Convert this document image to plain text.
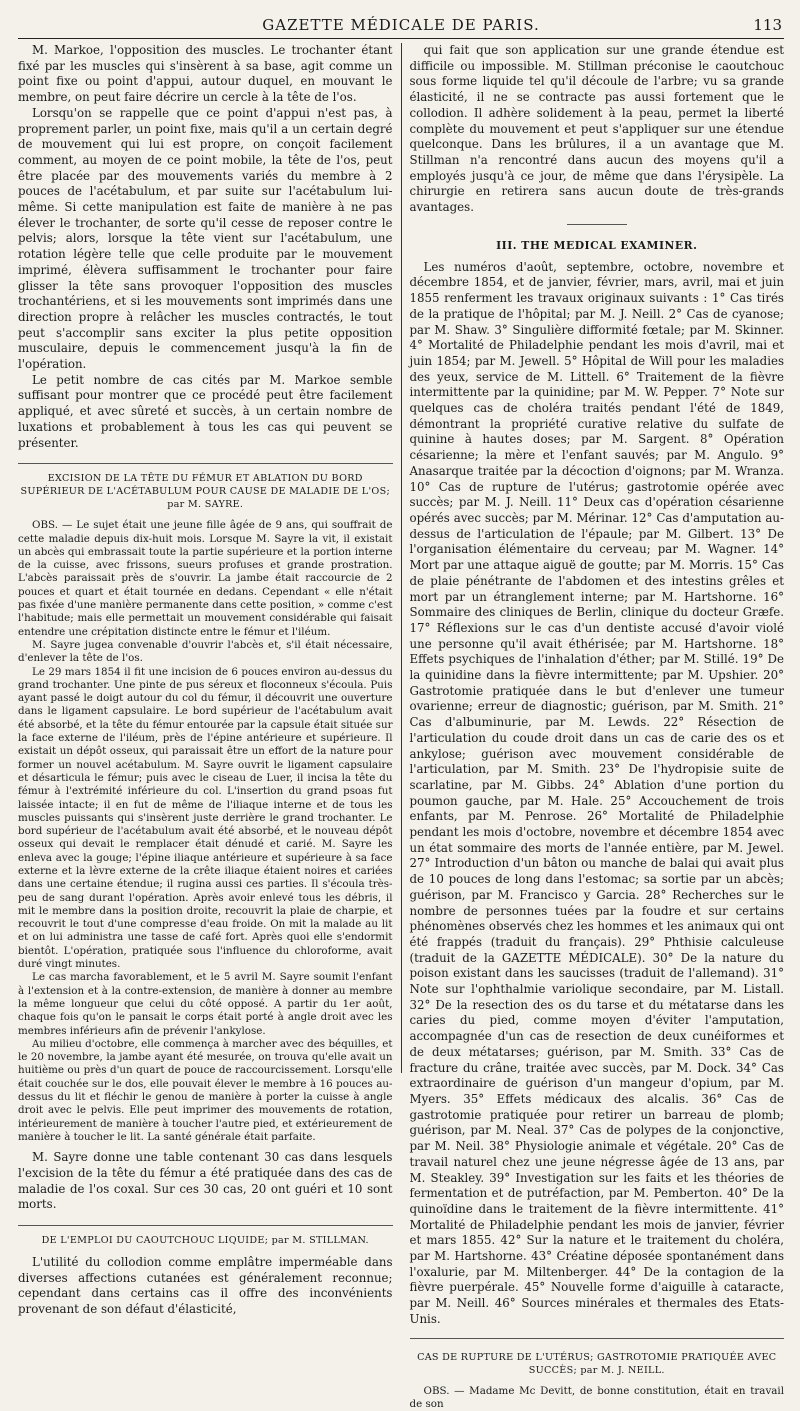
GAZETTE MÉDICALE DE PARIS.	113

M. Markoe, l'opposition des muscles. Le trochanter étant fixé par les muscles qui s'insèrent à sa base, agit comme un point fixe ou point d'appui, autour duquel, en mouvant le membre, on peut faire décrire un cercle à la tête de l'os.

Lorsqu'on se rappelle que ce point d'appui n'est pas, à proprement parler, un point fixe, mais qu'il a un certain degré de mouvement qui lui est propre, on conçoit facilement comment, au moyen de ce point mobile, la tête de l'os, peut être placée par des mouvements variés du membre à 2 pouces de l'acétabulum, et par suite sur l'acétabulum lui-même. Si cette manipulation est faite de manière à ne pas élever le trochanter, de sorte qu'il cesse de reposer contre le pelvis; alors, lorsque la tête vient sur l'acétabulum, une rotation légère telle que celle produite par le mouvement imprimé, élèvera suffisamment le trochanter pour faire glisser la tête sans provoquer l'opposition des muscles trochantériens, et si les mouvements sont imprimés dans une direction propre à relâcher les muscles contractés, le tout peut s'accomplir sans exciter la plus petite opposition musculaire, depuis le commencement jusqu'à la fin de l'opération.

Le petit nombre de cas cités par M. Markoe semble suffisant pour montrer que ce procédé peut être facilement appliqué, et avec sûreté et succès, à un certain nombre de luxations et probablement à tous les cas qui peuvent se présenter.

EXCISION DE LA TÊTE DU FÉMUR ET ABLATION DU BORD SUPÉRIEUR DE L'ACÉTABULUM POUR CAUSE DE MALADIE DE L'OS; par M. SAYRE.

OBS. — Le sujet était une jeune fille âgée de 9 ans, qui souffrait de cette maladie depuis dix-huit mois. Lorsque M. Sayre la vit, il existait un abcès qui embrassait toute la partie supérieure et la portion interne de la cuisse, avec frissons, sueurs profuses et grande prostration. L'abcès paraissait près de s'ouvrir. La jambe était raccourcie de 2 pouces et quart et était tournée en dedans. Cependant « elle n'était pas fixée d'une manière permanente dans cette position, » comme c'est l'habitude; mais elle permettait un mouvement considérable qui faisait entendre une crépitation distincte entre le fémur et l'iléum.

M. Sayre jugea convenable d'ouvrir l'abcès et, s'il était nécessaire, d'enlever la tête de l'os.

Le 29 mars 1854 il fit une incision de 6 pouces environ au-dessus du grand trochanter. Une pinte de pus séreux et floconneux s'écoula. Puis ayant passé le doigt autour du col du fémur, il découvrit une ouverture dans le ligament capsulaire. Le bord supérieur de l'acétabulum avait été absorbé, et la tête du fémur entourée par la capsule était située sur la face externe de l'iléum, près de l'épine antérieure et supérieure. Il existait un dépôt osseux, qui paraissait être un effort de la nature pour former un nouvel acétabulum. M. Sayre ouvrit le ligament capsulaire et désarticula le fémur; puis avec le ciseau de Luer, il incisa la tête du fémur à l'extrémité inférieure du col. L'insertion du grand psoas fut laissée intacte; il en fut de même de l'iliaque interne et de tous les muscles puissants qui s'insèrent juste derrière le grand trochanter. Le bord supérieur de l'acétabulum avait été absorbé, et le nouveau dépôt osseux qui devait le remplacer était dénudé et carié. M. Sayre les enleva avec la gouge; l'épine iliaque antérieure et supérieure à sa face externe et la lèvre externe de la crête iliaque étaient noires et cariées dans une certaine étendue; il rugina aussi ces parties. Il s'écoula très-peu de sang durant l'opération. Après avoir enlevé tous les débris, il mit le membre dans la position droite, recouvrit la plaie de charpie, et recouvrit le tout d'une compresse d'eau froide. On mit la malade au lit et on lui administra une tasse de café fort. Après quoi elle s'endormit bientôt. L'opération, pratiquée sous l'influence du chloroforme, avait duré vingt minutes.

Le cas marcha favorablement, et le 5 avril M. Sayre soumit l'enfant à l'extension et à la contre-extension, de manière à donner au membre la même longueur que celui du côté opposé. A partir du 1er août, chaque fois qu'on le pansait le corps était porté à angle droit avec les membres inférieurs afin de prévenir l'ankylose.

Au milieu d'octobre, elle commença à marcher avec des béquilles, et le 20 novembre, la jambe ayant été mesurée, on trouva qu'elle avait un huitième ou près d'un quart de pouce de raccourcissement. Lorsqu'elle était couchée sur le dos, elle pouvait élever le membre à 16 pouces au-dessus du lit et fléchir le genou de manière à porter la cuisse à angle droit avec le pelvis. Elle peut imprimer des mouvements de rotation, intérieurement de manière à toucher l'autre pied, et extérieurement de manière à toucher le lit. La santé générale était parfaite.

M. Sayre donne une table contenant 30 cas dans lesquels l'excision de la tête du fémur a été pratiquée dans des cas de maladie de l'os coxal. Sur ces 30 cas, 20 ont guéri et 10 sont morts.

DE L'EMPLOI DU CAOUTCHOUC LIQUIDE; par M. STILLMAN.

L'utilité du collodion comme emplâtre imperméable dans diverses affections cutanées est généralement reconnue; cependant dans certains cas il offre des inconvénients provenant de son défaut d'élasticité,

qui fait que son application sur une grande étendue est difficile ou impossible. M. Stillman préconise le caoutchouc sous forme liquide tel qu'il découle de l'arbre; vu sa grande élasticité, il ne se contracte pas aussi fortement que le collodion. Il adhère solidement à la peau, permet la liberté complète du mouvement et peut s'appliquer sur une étendue quelconque. Dans les brûlures, il a un avantage que M. Stillman n'a rencontré dans aucun des moyens qu'il a employés jusqu'à ce jour, de même que dans l'érysipèle. La chirurgie en retirera sans aucun doute de très-grands avantages.

III. THE MEDICAL EXAMINER.

Les numéros d'août, septembre, octobre, novembre et décembre 1854, et de janvier, février, mars, avril, mai et juin 1855 renferment les travaux originaux suivants : 1° Cas tirés de la pratique de l'hôpital; par M. J. Neill. 2° Cas de cyanose; par M. Shaw. 3° Singulière difformité fœtale; par M. Skinner. 4° Mortalité de Philadelphie pendant les mois d'avril, mai et juin 1854; par M. Jewell. 5° Hôpital de Will pour les maladies des yeux, service de M. Littell. 6° Traitement de la fièvre intermittente par la quinidine; par M. W. Pepper. 7° Note sur quelques cas de choléra traités pendant l'été de 1849, démontrant la propriété curative relative du sulfate de quinine à hautes doses; par M. Sargent. 8° Opération césarienne; la mère et l'enfant sauvés; par M. Angulo. 9° Anasarque traitée par la décoction d'oignons; par M. Wranza. 10° Cas de rupture de l'utérus; gastrotomie opérée avec succès; par M. J. Neill. 11° Deux cas d'opération césarienne opérés avec succès; par M. Mérinar. 12° Cas d'amputation au-dessus de l'articulation de l'épaule; par M. Gilbert. 13° De l'organisation élémentaire du cerveau; par M. Wagner. 14° Mort par une attaque aiguë de goutte; par M. Morris. 15° Cas de plaie pénétrante de l'abdomen et des intestins grêles et mort par un étranglement interne; par M. Hartshorne. 16° Sommaire des cliniques de Berlin, clinique du docteur Græfe. 17° Réflexions sur le cas d'un dentiste accusé d'avoir violé une personne qu'il avait éthérisée; par M. Hartshorne. 18° Effets psychiques de l'inhalation d'éther; par M. Stillé. 19° De la quinidine dans la fièvre intermittente; par M. Upshier. 20° Gastrotomie pratiquée dans le but d'enlever une tumeur ovarienne; erreur de diagnostic; guérison, par M. Smith. 21° Cas d'albuminurie, par M. Lewds. 22° Résection de l'articulation du coude droit dans un cas de carie des os et ankylose; guérison avec mouvement considérable de l'articulation, par M. Smith. 23° De l'hydropisie suite de scarlatine, par M. Gibbs. 24° Ablation d'une portion du poumon gauche, par M. Hale. 25° Accouchement de trois enfants, par M. Penrose. 26° Mortalité de Philadelphie pendant les mois d'octobre, novembre et décembre 1854 avec un état sommaire des morts de l'année entière, par M. Jewel. 27° Introduction d'un bâton ou manche de balai qui avait plus de 10 pouces de long dans l'estomac; sa sortie par un abcès; guérison, par M. Francisco y Garcia. 28° Recherches sur le nombre de personnes tuées par la foudre et sur certains phénomènes observés chez les hommes et les animaux qui ont été frappés (traduit du français). 29° Phthisie calculeuse (traduit de la GAZETTE MÉDICALE). 30° De la nature du poison existant dans les saucisses (traduit de l'allemand). 31° Note sur l'ophthalmie variolique secondaire, par M. Listall. 32° De la resection des os du tarse et du métatarse dans les caries du pied, comme moyen d'éviter l'amputation, accompagnée d'un cas de resection de deux cunéiformes et de deux métatarses; guérison, par M. Smith. 33° Cas de fracture du crâne, traitée avec succès, par M. Dock. 34° Cas extraordinaire de guérison d'un mangeur d'opium, par M. Myers. 35° Effets médicaux des alcalis. 36° Cas de gastrotomie pratiquée pour retirer un barreau de plomb; guérison, par M. Neal. 37° Cas de polypes de la conjonctive, par M. Neil. 38° Physiologie animale et végétale. 20° Cas de travail naturel chez une jeune négresse âgée de 13 ans, par M. Steakley. 39° Investigation sur les faits et les théories de fermentation et de putréfaction, par M. Pemberton. 40° De la quinoïdine dans le traitement de la fièvre intermittente. 41° Mortalité de Philadelphie pendant les mois de janvier, février et mars 1855. 42° Sur la nature et le traitement du choléra, par M. Hartshorne. 43° Créatine déposée spontanément dans l'oxalurie, par M. Miltenberger. 44° De la contagion de la fièvre puerpérale. 45° Nouvelle forme d'aiguille à cataracte, par M. Neill. 46° Sources minérales et thermales des Etats-Unis.

CAS DE RUPTURE DE L'UTÉRUS; GASTROTOMIE PRATIQUÉE AVEC SUCCÈS; par M. J. NEILL.

OBS. — Madame Mc Devitt, de bonne constitution, était en travail de son
